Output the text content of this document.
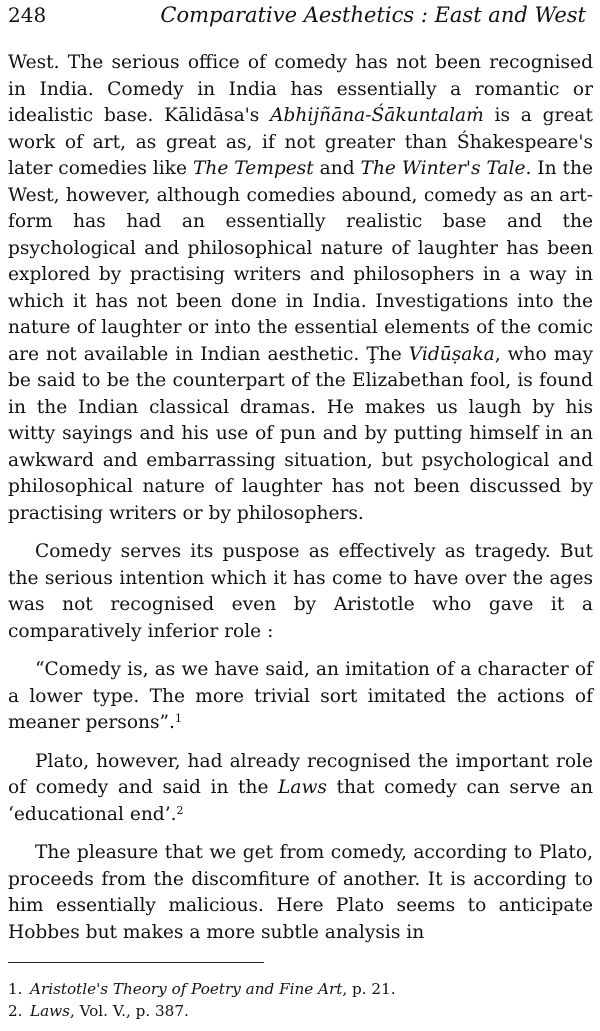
248	Comparative Aesthetics : East and West

West. The serious office of comedy has not been recognised in India. Comedy in India has essentially a romantic or idealistic base. Kālidāsa's Abhijñāna-Śākuntalaṁ is a great work of art, as great as, if not greater than Śhakespeare's later comedies like The Tempest and The Winter's Tale. In the West, however, although comedies abound, comedy as an art-form has had an essentially realistic base and the psychological and philosophical nature of laughter has been explored by practising writers and philosophers in a way in which it has not been done in India. Investigations into the nature of laughter or into the essential elements of the comic are not available in Indian aesthetic. Ţhe Vidūṣaka, who may be said to be the counterpart of the Elizabethan fool, is found in the Indian classical dramas. He makes us laugh by his witty sayings and his use of pun and by putting himself in an awkward and embarrassing situation, but psychological and philosophical nature of laughter has not been discussed by practising writers or by philosophers.

Comedy serves its puspose as effectively as tragedy. But the serious intention which it has come to have over the ages was not recognised even by Aristotle who gave it a comparatively inferior role :

“Comedy is, as we have said, an imitation of a character of a lower type. The more trivial sort imitated the actions of meaner persons”.$^1$

Plato, however, had already recognised the important role of comedy and said in the Laws that comedy can serve an ‘educational end’.$^2$

The pleasure that we get from comedy, according to Plato, proceeds from the discomfiture of another. It is according to him essentially malicious. Here Plato seems to anticipate Hobbes but makes a more subtle analysis in

1. Aristotle's Theory of Poetry and Fine Art, p. 21.

2. Laws, Vol. V., p. 387.
